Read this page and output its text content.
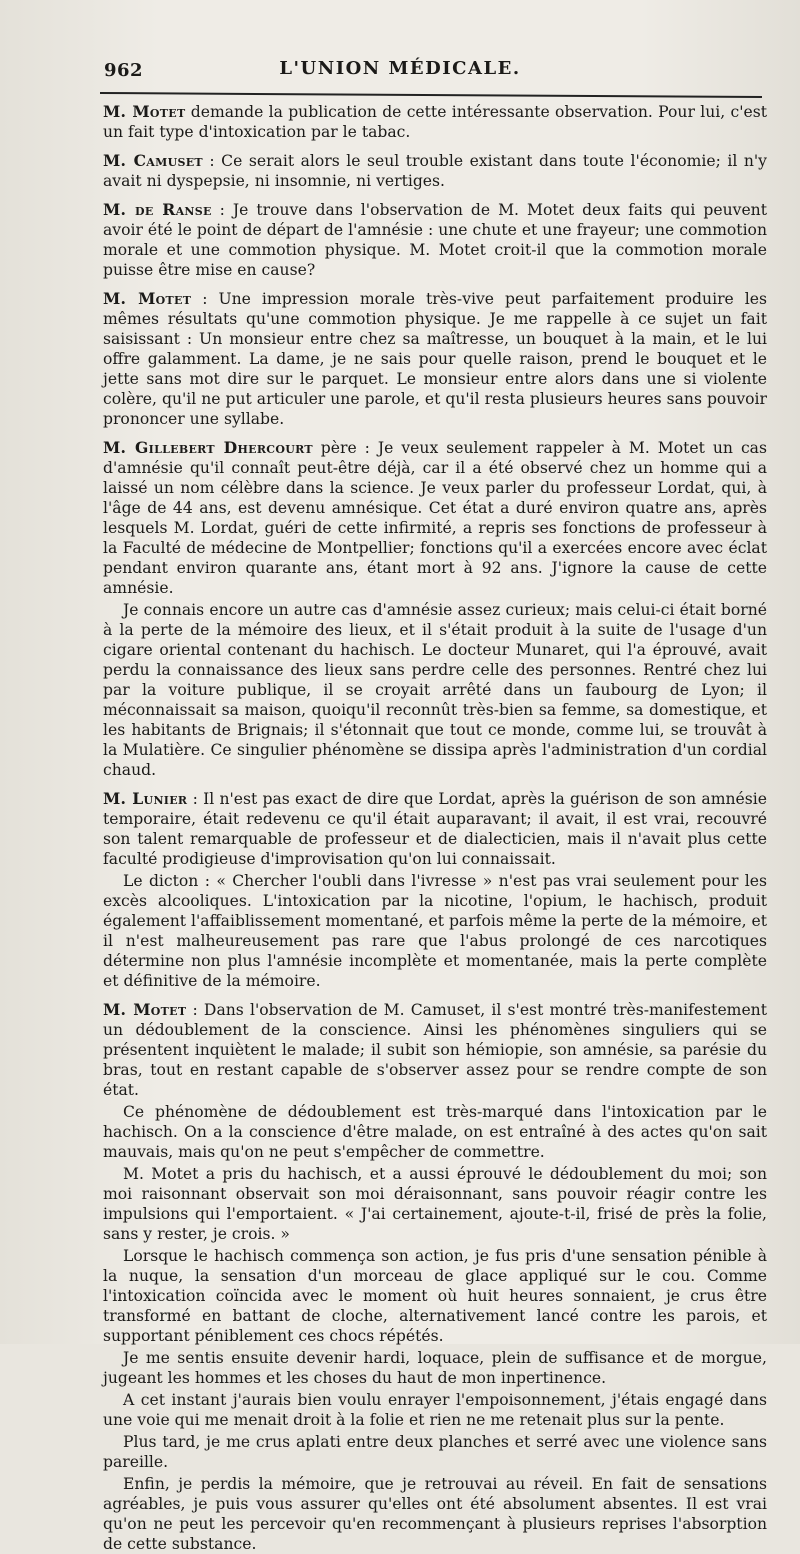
962	L'UNION MÉDICALE.

M. Motet demande la publication de cette intéressante observation. Pour lui, c'est un fait type d'intoxication par le tabac.

M. Camuset : Ce serait alors le seul trouble existant dans toute l'économie; il n'y avait ni dyspepsie, ni insomnie, ni vertiges.

M. de Ranse : Je trouve dans l'observation de M. Motet deux faits qui peuvent avoir été le point de départ de l'amnésie : une chute et une frayeur; une commotion morale et une commotion physique. M. Motet croit-il que la commotion morale puisse être mise en cause?

M. Motet : Une impression morale très-vive peut parfaitement produire les mêmes résultats qu'une commotion physique. Je me rappelle à ce sujet un fait saisissant : Un monsieur entre chez sa maîtresse, un bouquet à la main, et le lui offre galamment. La dame, je ne sais pour quelle raison, prend le bouquet et le jette sans mot dire sur le parquet. Le monsieur entre alors dans une si violente colère, qu'il ne put articuler une parole, et qu'il resta plusieurs heures sans pouvoir prononcer une syllabe.

M. Gillebert Dhercourt père : Je veux seulement rappeler à M. Motet un cas d'amnésie qu'il connaît peut-être déjà, car il a été observé chez un homme qui a laissé un nom célèbre dans la science. Je veux parler du professeur Lordat, qui, à l'âge de 44 ans, est devenu amnésique. Cet état a duré environ quatre ans, après lesquels M. Lordat, guéri de cette infirmité, a repris ses fonctions de professeur à la Faculté de médecine de Montpellier; fonctions qu'il a exercées encore avec éclat pendant environ quarante ans, étant mort à 92 ans. J'ignore la cause de cette amnésie.

Je connais encore un autre cas d'amnésie assez curieux; mais celui-ci était borné à la perte de la mémoire des lieux, et il s'était produit à la suite de l'usage d'un cigare oriental contenant du hachisch. Le docteur Munaret, qui l'a éprouvé, avait perdu la connaissance des lieux sans perdre celle des personnes. Rentré chez lui par la voiture publique, il se croyait arrêté dans un faubourg de Lyon; il méconnaissait sa maison, quoiqu'il reconnût très-bien sa femme, sa domestique, et les habitants de Brignais; il s'étonnait que tout ce monde, comme lui, se trouvât à la Mulatière. Ce singulier phénomène se dissipa après l'administration d'un cordial chaud.

M. Lunier : Il n'est pas exact de dire que Lordat, après la guérison de son amnésie temporaire, était redevenu ce qu'il était auparavant; il avait, il est vrai, recouvré son talent remarquable de professeur et de dialecticien, mais il n'avait plus cette faculté prodigieuse d'improvisation qu'on lui connaissait.

Le dicton : « Chercher l'oubli dans l'ivresse » n'est pas vrai seulement pour les excès alcooliques. L'intoxication par la nicotine, l'opium, le hachisch, produit également l'affaiblissement momentané, et parfois même la perte de la mémoire, et il n'est malheureusement pas rare que l'abus prolongé de ces narcotiques détermine non plus l'amnésie incomplète et momentanée, mais la perte complète et définitive de la mémoire.

M. Motet : Dans l'observation de M. Camuset, il s'est montré très-manifestement un dédoublement de la conscience. Ainsi les phénomènes singuliers qui se présentent inquiètent le malade; il subit son hémiopie, son amnésie, sa parésie du bras, tout en restant capable de s'observer assez pour se rendre compte de son état.

Ce phénomène de dédoublement est très-marqué dans l'intoxication par le hachisch. On a la conscience d'être malade, on est entraîné à des actes qu'on sait mauvais, mais qu'on ne peut s'empêcher de commettre.

M. Motet a pris du hachisch, et a aussi éprouvé le dédoublement du moi; son moi raisonnant observait son moi déraisonnant, sans pouvoir réagir contre les impulsions qui l'emportaient. « J'ai certainement, ajoute-t-il, frisé de près la folie, sans y rester, je crois. »

Lorsque le hachisch commença son action, je fus pris d'une sensation pénible à la nuque, la sensation d'un morceau de glace appliqué sur le cou. Comme l'intoxication coïncida avec le moment où huit heures sonnaient, je crus être transformé en battant de cloche, alternativement lancé contre les parois, et supportant péniblement ces chocs répétés.

Je me sentis ensuite devenir hardi, loquace, plein de suffisance et de morgue, jugeant les hommes et les choses du haut de mon inpertinence.

A cet instant j'aurais bien voulu enrayer l'empoisonnement, j'étais engagé dans une voie qui me menait droit à la folie et rien ne me retenait plus sur la pente.

Plus tard, je me crus aplati entre deux planches et serré avec une violence sans pareille.

Enfin, je perdis la mémoire, que je retrouvai au réveil. En fait de sensations agréables, je puis vous assurer qu'elles ont été absolument absentes. Il est vrai qu'on ne peut les percevoir qu'en recommençant à plusieurs reprises l'absorption de cette substance.
